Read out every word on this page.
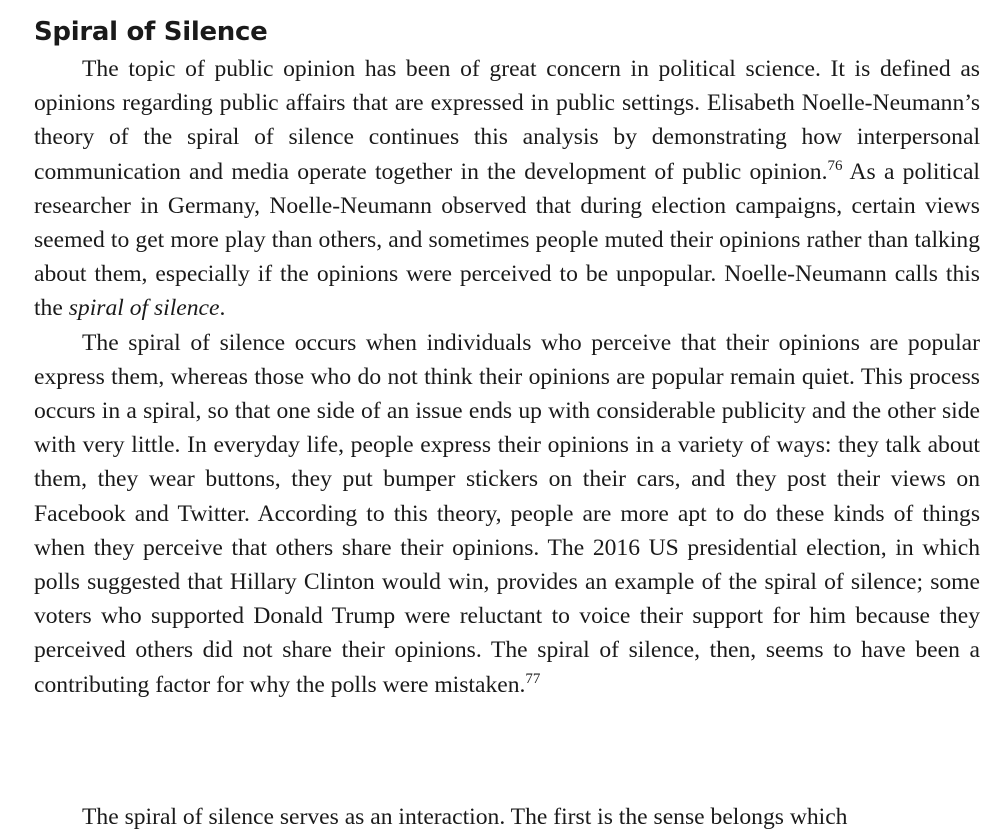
Spiral of Silence

The topic of public opinion has been of great concern in political science. It is defined as opinions regarding public affairs that are expressed in public settings. Elisabeth Noelle-Neumann’s theory of the spiral of silence continues this analysis by demonstrating how interpersonal communication and media operate together in the development of public opinion.$^{76}$ As a political researcher in Germany, Noelle-Neumann observed that during election campaigns, certain views seemed to get more play than others, and sometimes people muted their opinions rather than talking about them, especially if the opinions were perceived to be unpopular. Noelle-Neumann calls this the spiral of silence.

The spiral of silence occurs when individuals who perceive that their opinions are popular express them, whereas those who do not think their opinions are popular remain quiet. This process occurs in a spiral, so that one side of an issue ends up with considerable publicity and the other side with very little. In everyday life, people express their opinions in a variety of ways: they talk about them, they wear buttons, they put bumper stickers on their cars, and they post their views on Facebook and Twitter. According to this theory, people are more apt to do these kinds of things when they perceive that others share their opinions. The 2016 US presidential election, in which polls suggested that Hillary Clinton would win, provides an example of the spiral of silence; some voters who supported Donald Trump were reluctant to voice their support for him because they perceived others did not share their opinions. The spiral of silence, then, seems to have been a contributing factor for why the polls were mistaken.$^{77}$

The spiral of silence serves as an interaction. The first is the sense belongs which
